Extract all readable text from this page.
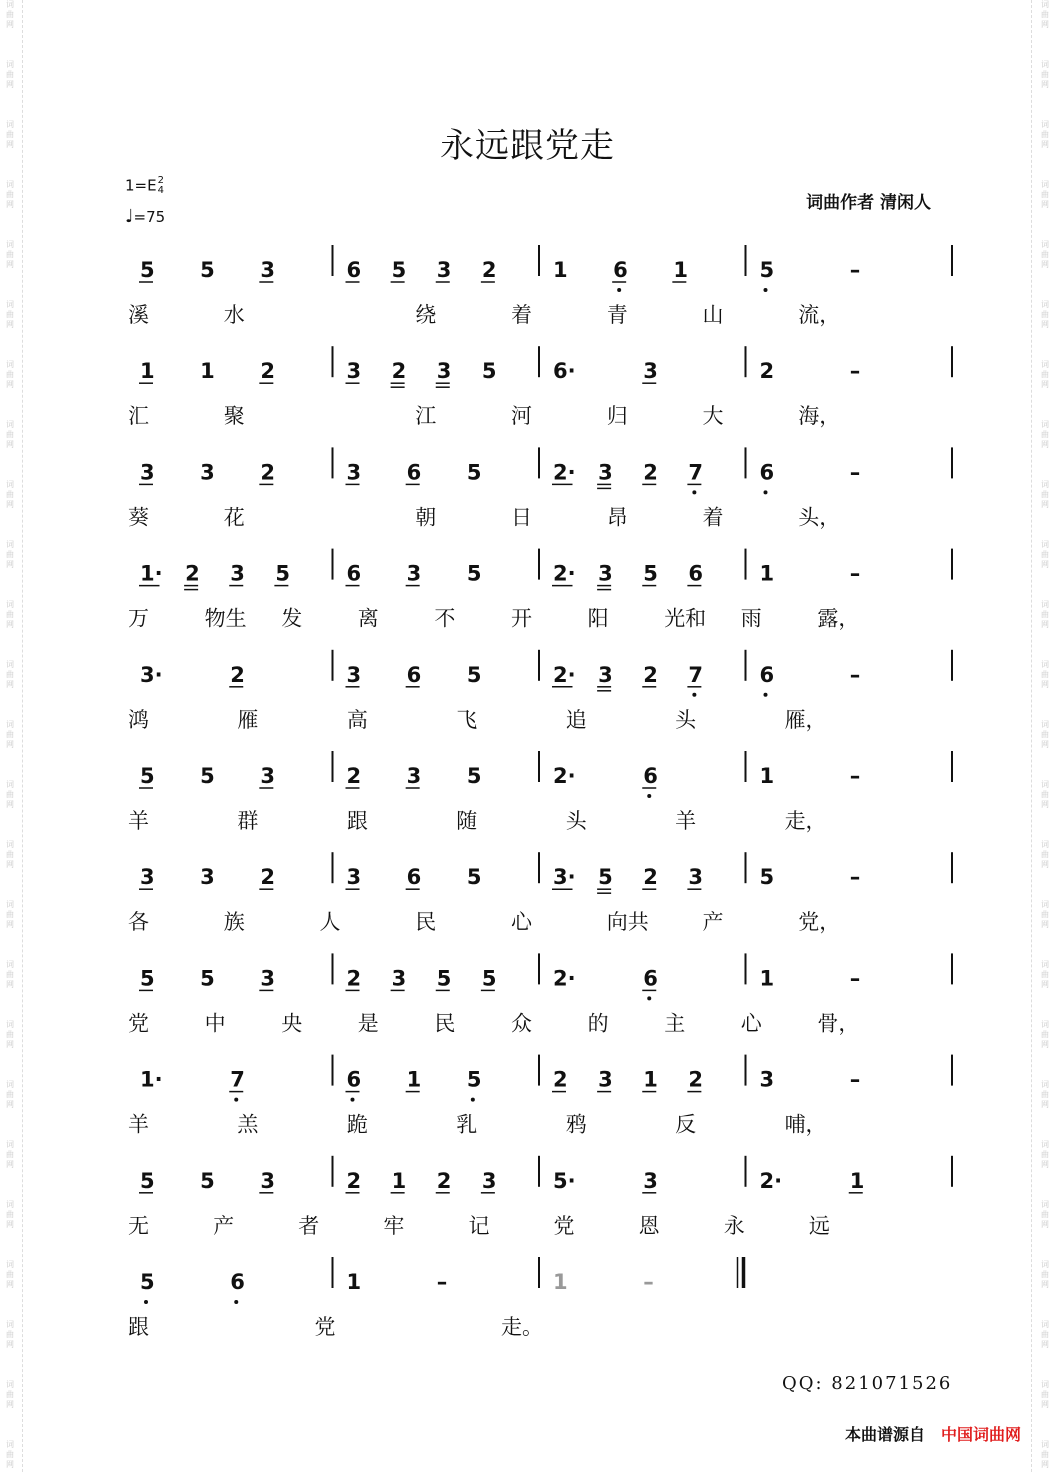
词
曲
网
词
曲
网
词
曲
网
词
曲
网
词
曲
网
词
曲
网
词
曲
网
词
曲
网
词
曲
网
词
曲
网
词
曲
网
词
曲
网
词
曲
网
词
曲
网
词
曲
网
词
曲
网
词
曲
网
词
曲
网
词
曲
网
词
曲
网
词
曲
网
词
曲
网
词
曲
网
词
曲
网
词
曲
网
词
曲
网
词
曲
网
词
曲
网
词
曲
网
词
曲
网
词
曲
网
词
曲
网
词
曲
网
词
曲
网
词
曲
网
词
曲
网
词
曲
网
词
曲
网
词
曲
网
词
曲
网
词
曲
网
词
曲
网
词
曲
网
词
曲
网
词
曲
网
词
曲
网
词
曲
网
词
曲
网
词
曲
网
词
曲
网
永远跟党走
1=E2
4
♩=75
词曲作者 清闲人
5 5 3	6 5 3 2	1 6 1	5	–
溪	水	绕	着	青	山	流，
1 1 2	3 2 3 5	6·	3	2	–
汇	聚	江	河	归	大	海，
3 3 2	3 6 5	2· 3 2 7	6	–
葵	花	朝	日	昂	着	头，
1· 2 3 5	6 3 5	2· 3 5 6	1	–
万	物生 发	离	不	开	阳	光和 雨	露，
3·	2	3 6 5	2· 3 2 7	6	–
鸿	雁	高	飞	追	头	雁，
5 5 3	2 3 5	2·	6	1	–
羊	群	跟	随	头	羊	走，
3 3 2	3 6 5	3· 5 2 3	5	–
各	族	人	民	心	向共	产	党，
5 5 3	2 3 5 5	2·	6	1	–
党	中	央	是	民	众	的	主	心	骨，
1·	7	6 1 5	2 3 1 2	3	–
羊	羔	跪	乳	鸦	反	哺，
5 5 3	2 1 2 3	5·	3	2·	1
无	产	者	牢	记	党	恩	永	远
5	6	1	–	1	–
跟	党	走。
QQ: 821071526
本曲谱源自 中国词曲网
